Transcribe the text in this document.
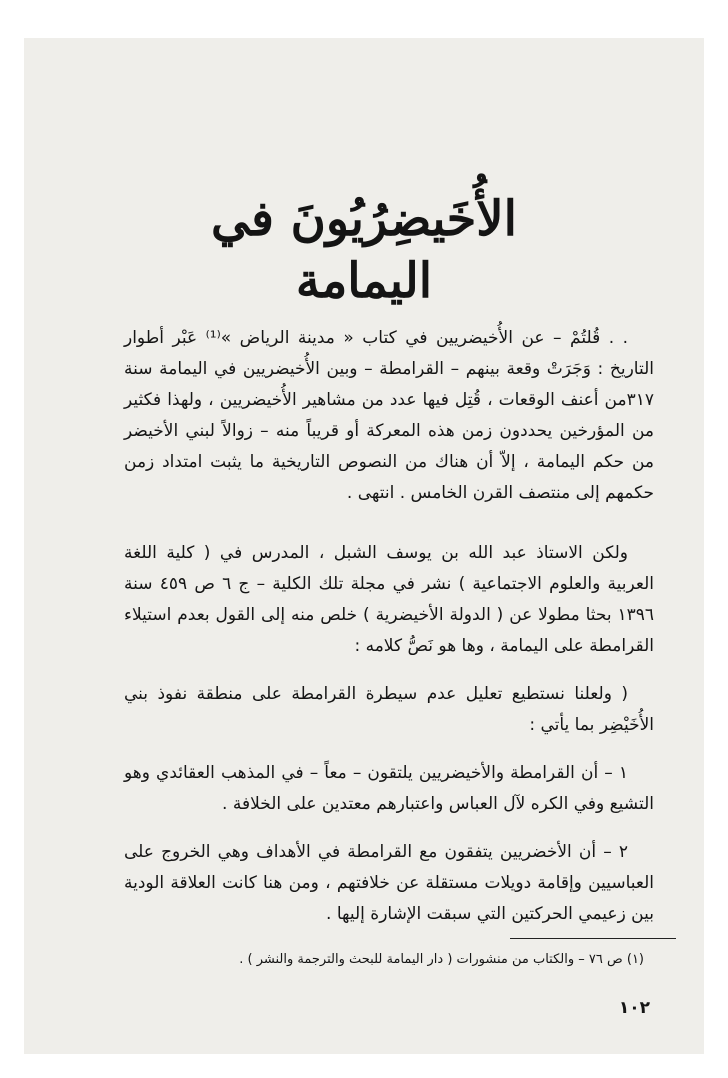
الأُخَيضِرُيُونَ في اليمامة

. . قُلتُمْ – عن الأُخيضريين في كتاب « مدينة الرياض »⁽¹⁾ عَبْر أطوار التاريخ : وَجَرَتْ وقعة بينهم – القرامطة – وبين الأُخيضريين في اليمامة سنة ٣١٧من أعنف الوقعات ، قُتِل فيها عدد من مشاهير الأُخيضريين ، ولهذا فكثير من المؤرخين يحددون زمن هذه المعركة أو قريباً منه – زوالاً لبني الأخيضر من حكم اليمامة ، إلاّ أن هناك من النصوص التاريخية ما يثبت امتداد زمن حكمهم إلى منتصف القرن الخامس . انتهى .

ولكن الاستاذ عبد الله بن يوسف الشبل ، المدرس في ( كلية اللغة العربية والعلوم الاجتماعية ) نشر في مجلة تلك الكلية – ج ٦ ص ٤٥٩ سنة ١٣٩٦ بحثا مطولا عن ( الدولة الأخيضرية ) خلص منه إلى القول بعدم استيلاء القرامطة على اليمامة ، وها هو نَصُّ كلامه :

( ولعلنا نستطيع تعليل عدم سيطرة القرامطة على منطقة نفوذ بني الأُخَيْضِر بما يأتي :

١ – أن القرامطة والأخيضريين يلتقون – معاً – في المذهب العقائدي وهو التشيع وفي الكره لآل العباس واعتبارهم معتدين على الخلافة .

٢ – أن الأخضريين يتفقون مع القرامطة في الأهداف وهي الخروج على العباسيين وإقامة دويلات مستقلة عن خلافتهم ، ومن هنا كانت العلاقة الودية بين زعيمي الحركتين التي سبقت الإشارة إليها .

(١) ص ٧٦ – والكتاب من منشورات ( دار اليمامة للبحث والترجمة والنشر ) .
١٠٢
